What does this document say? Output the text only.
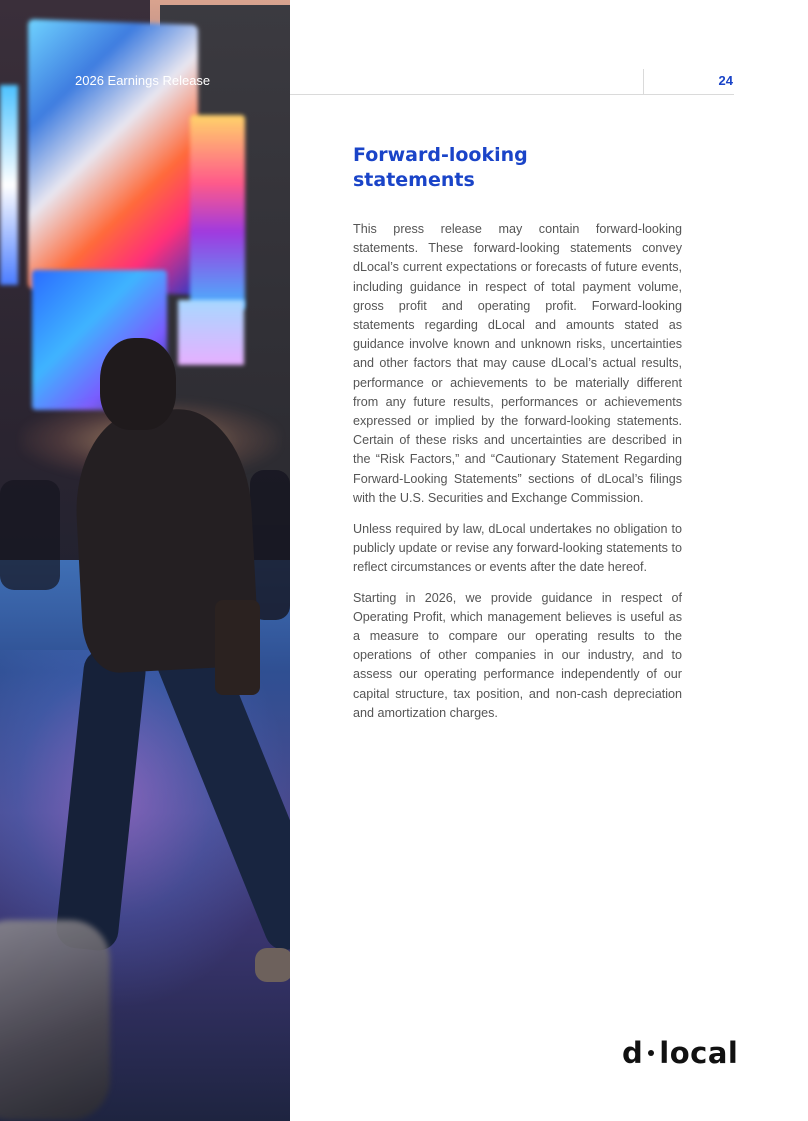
2026 Earnings Release	24
Forward-looking
statements

This press release may contain forward-looking statements. These forward-looking statements convey dLocal’s current expectations or forecasts of future events, including guidance in respect of total payment volume, gross profit and operating profit. Forward-looking statements regarding dLocal and amounts stated as guidance involve known and unknown risks, uncertainties and other factors that may cause dLocal’s actual results, performance or achievements to be materially different from any future results, performances or achievements expressed or implied by the forward-looking statements. Certain of these risks and uncertainties are described in the “Risk Factors,” and “Cautionary Statement Regarding Forward-Looking Statements” sections of dLocal’s filings with the U.S. Securities and Exchange Commission.

Unless required by law, dLocal undertakes no obligation to publicly update or revise any forward-looking statements to reflect circumstances or events after the date hereof.

Starting in 2026, we provide guidance in respect of Operating Profit, which management believes is useful as a measure to compare our operating results to the operations of other companies in our industry, and to assess our operating performance independently of our capital structure, tax position, and non-cash depreciation and amortization charges.

d local
